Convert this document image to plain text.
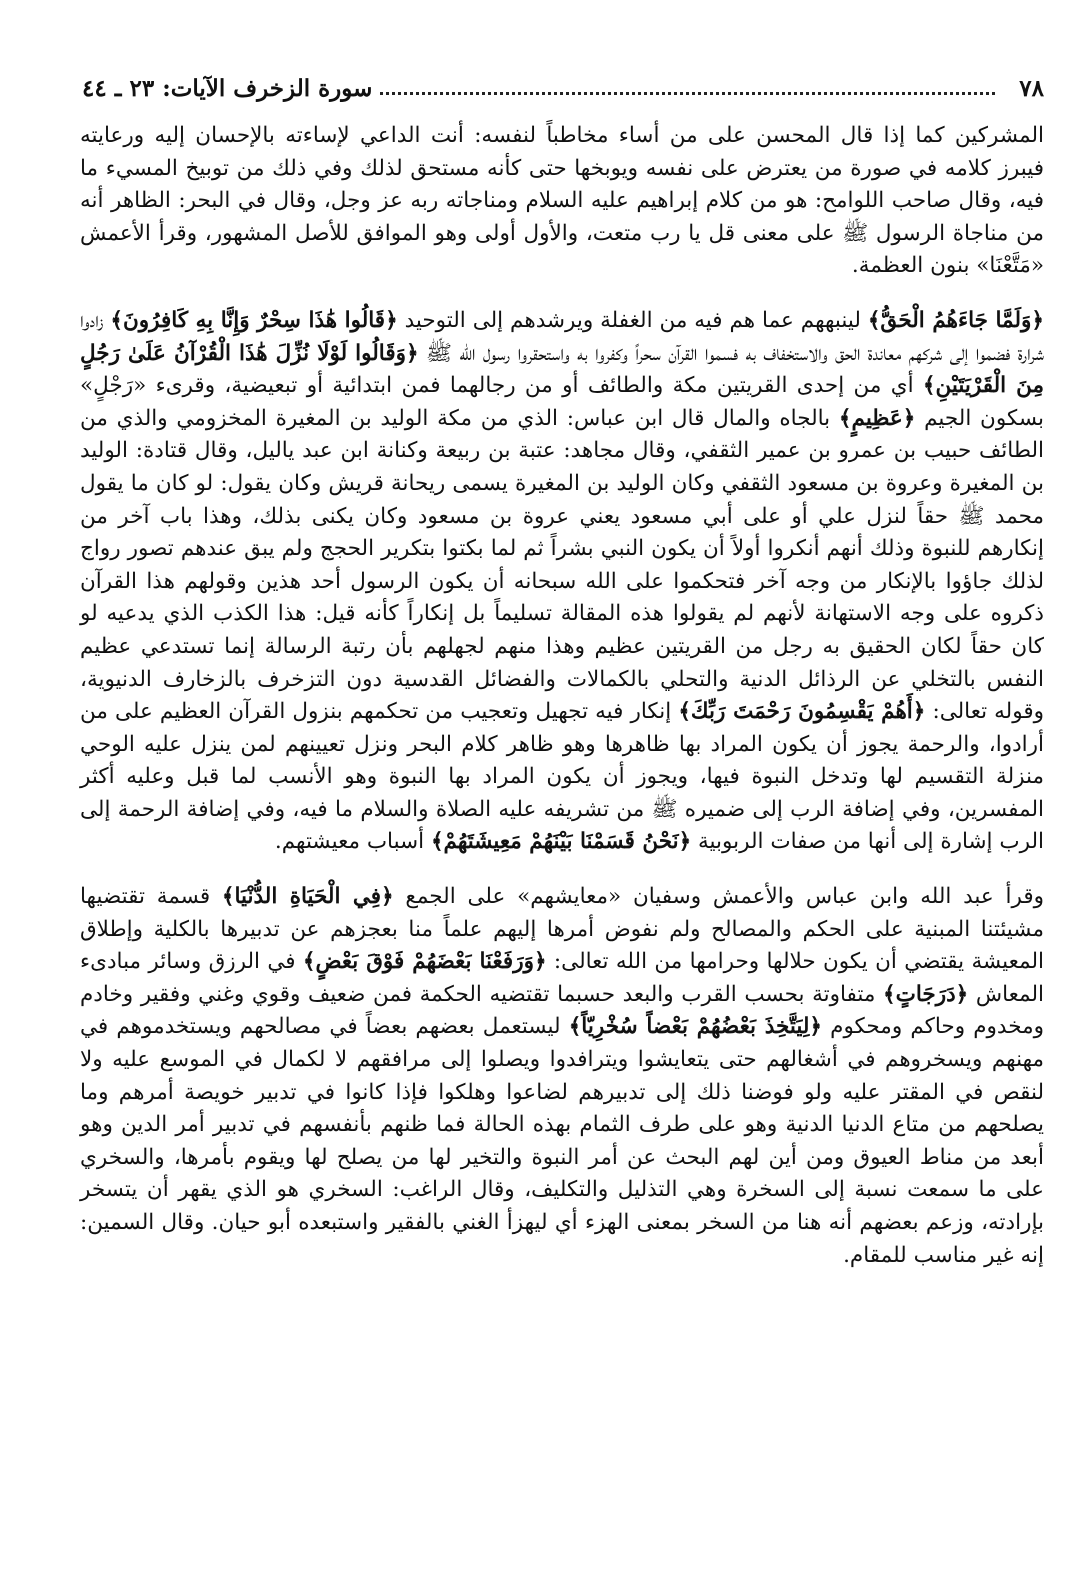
٧٨
سورة الزخرف الآيات: ٢٣ ـ ٤٤

المشركين كما إذا قال المحسن على من أساء مخاطباً لنفسه: أنت الداعي لإساءته بالإحسان إليه ورعايته فيبرز كلامه في صورة من يعترض على نفسه ويوبخها حتى كأنه مستحق لذلك وفي ذلك من توبيخ المسيء ما فيه، وقال صاحب اللوامح: هو من كلام إبراهيم عليه السلام ومناجاته ربه عز وجل، وقال في البحر: الظاهر أنه من مناجاة الرسول ﷺ على معنى قل يا رب متعت، والأول أولى وهو الموافق للأصل المشهور، وقرأ الأعمش «مَتَّعْنَا» بنون العظمة.

﴿وَلَمَّا جَاءَهُمُ الْحَقُّ﴾ لينبههم عما هم فيه من الغفلة ويرشدهم إلى التوحيد ﴿قَالُوا هَٰذَا سِحْرٌ وَإِنَّا بِهِ كَافِرُونَ﴾ زادوا شرارة فضموا إلى شركهم معاندة الحق والاستخفاف به فسموا القرآن سحراً وكفروا به واستحقروا رسول الله ﷺ ﴿وَقَالُوا لَوْلَا نُزِّلَ هَٰذَا الْقُرْآنُ عَلَىٰ رَجُلٍ مِنَ الْقَرْيَتَيْنِ﴾ أي من إحدى القريتين مكة والطائف أو من رجالهما فمن ابتدائية أو تبعيضية، وقرىء «رَجْلٍ» بسكون الجيم ﴿عَظِيمٍ﴾ بالجاه والمال قال ابن عباس: الذي من مكة الوليد بن المغيرة المخزومي والذي من الطائف حبيب بن عمرو بن عمير الثقفي، وقال مجاهد: عتبة بن ربيعة وكنانة ابن عبد ياليل، وقال قتادة: الوليد بن المغيرة وعروة بن مسعود الثقفي وكان الوليد بن المغيرة يسمى ريحانة قريش وكان يقول: لو كان ما يقول محمد ﷺ حقاً لنزل علي أو على أبي مسعود يعني عروة بن مسعود وكان يكنى بذلك، وهذا باب آخر من إنكارهم للنبوة وذلك أنهم أنكروا أولاً أن يكون النبي بشراً ثم لما بكتوا بتكرير الحجج ولم يبق عندهم تصور رواج لذلك جاؤوا بالإنكار من وجه آخر فتحكموا على الله سبحانه أن يكون الرسول أحد هذين وقولهم هذا القرآن ذكروه على وجه الاستهانة لأنهم لم يقولوا هذه المقالة تسليماً بل إنكاراً كأنه قيل: هذا الكذب الذي يدعيه لو كان حقاً لكان الحقيق به رجل من القريتين عظيم وهذا منهم لجهلهم بأن رتبة الرسالة إنما تستدعي عظيم النفس بالتخلي عن الرذائل الدنية والتحلي بالكمالات والفضائل القدسية دون التزخرف بالزخارف الدنيوية، وقوله تعالى: ﴿أَهُمْ يَقْسِمُونَ رَحْمَتَ رَبِّكَ﴾ إنكار فيه تجهيل وتعجيب من تحكمهم بنزول القرآن العظيم على من أرادوا، والرحمة يجوز أن يكون المراد بها ظاهرها وهو ظاهر كلام البحر ونزل تعيينهم لمن ينزل عليه الوحي منزلة التقسيم لها وتدخل النبوة فيها، ويجوز أن يكون المراد بها النبوة وهو الأنسب لما قبل وعليه أكثر المفسرين، وفي إضافة الرب إلى ضميره ﷺ من تشريفه عليه الصلاة والسلام ما فيه، وفي إضافة الرحمة إلى الرب إشارة إلى أنها من صفات الربوبية ﴿نَحْنُ قَسَمْنَا بَيْنَهُمْ مَعِيشَتَهُمْ﴾ أسباب معيشتهم.

وقرأ عبد الله وابن عباس والأعمش وسفيان «معايشهم» على الجمع ﴿فِي الْحَيَاةِ الدُّنْيَا﴾ قسمة تقتضيها مشيئتنا المبنية على الحكم والمصالح ولم نفوض أمرها إليهم علماً منا بعجزهم عن تدبيرها بالكلية وإطلاق المعيشة يقتضي أن يكون حلالها وحرامها من الله تعالى: ﴿وَرَفَعْنَا بَعْضَهُمْ فَوْقَ بَعْضٍ﴾ في الرزق وسائر مبادىء المعاش ﴿دَرَجَاتٍ﴾ متفاوتة بحسب القرب والبعد حسبما تقتضيه الحكمة فمن ضعيف وقوي وغني وفقير وخادم ومخدوم وحاكم ومحكوم ﴿لِيَتَّخِذَ بَعْضُهُمْ بَعْضاً سُخْرِيّاً﴾ ليستعمل بعضهم بعضاً في مصالحهم ويستخدموهم في مهنهم ويسخروهم في أشغالهم حتى يتعايشوا ويترافدوا ويصلوا إلى مرافقهم لا لكمال في الموسع عليه ولا لنقص في المقتر عليه ولو فوضنا ذلك إلى تدبيرهم لضاعوا وهلكوا فإذا كانوا في تدبير خويصة أمرهم وما يصلحهم من متاع الدنيا الدنية وهو على طرف الثمام بهذه الحالة فما ظنهم بأنفسهم في تدبير أمر الدين وهو أبعد من مناط العيوق ومن أين لهم البحث عن أمر النبوة والتخير لها من يصلح لها ويقوم بأمرها، والسخري على ما سمعت نسبة إلى السخرة وهي التذليل والتكليف، وقال الراغب: السخري هو الذي يقهر أن يتسخر بإرادته، وزعم بعضهم أنه هنا من السخر بمعنى الهزء أي ليهزأ الغني بالفقير واستبعده أبو حيان. وقال السمين: إنه غير مناسب للمقام.
